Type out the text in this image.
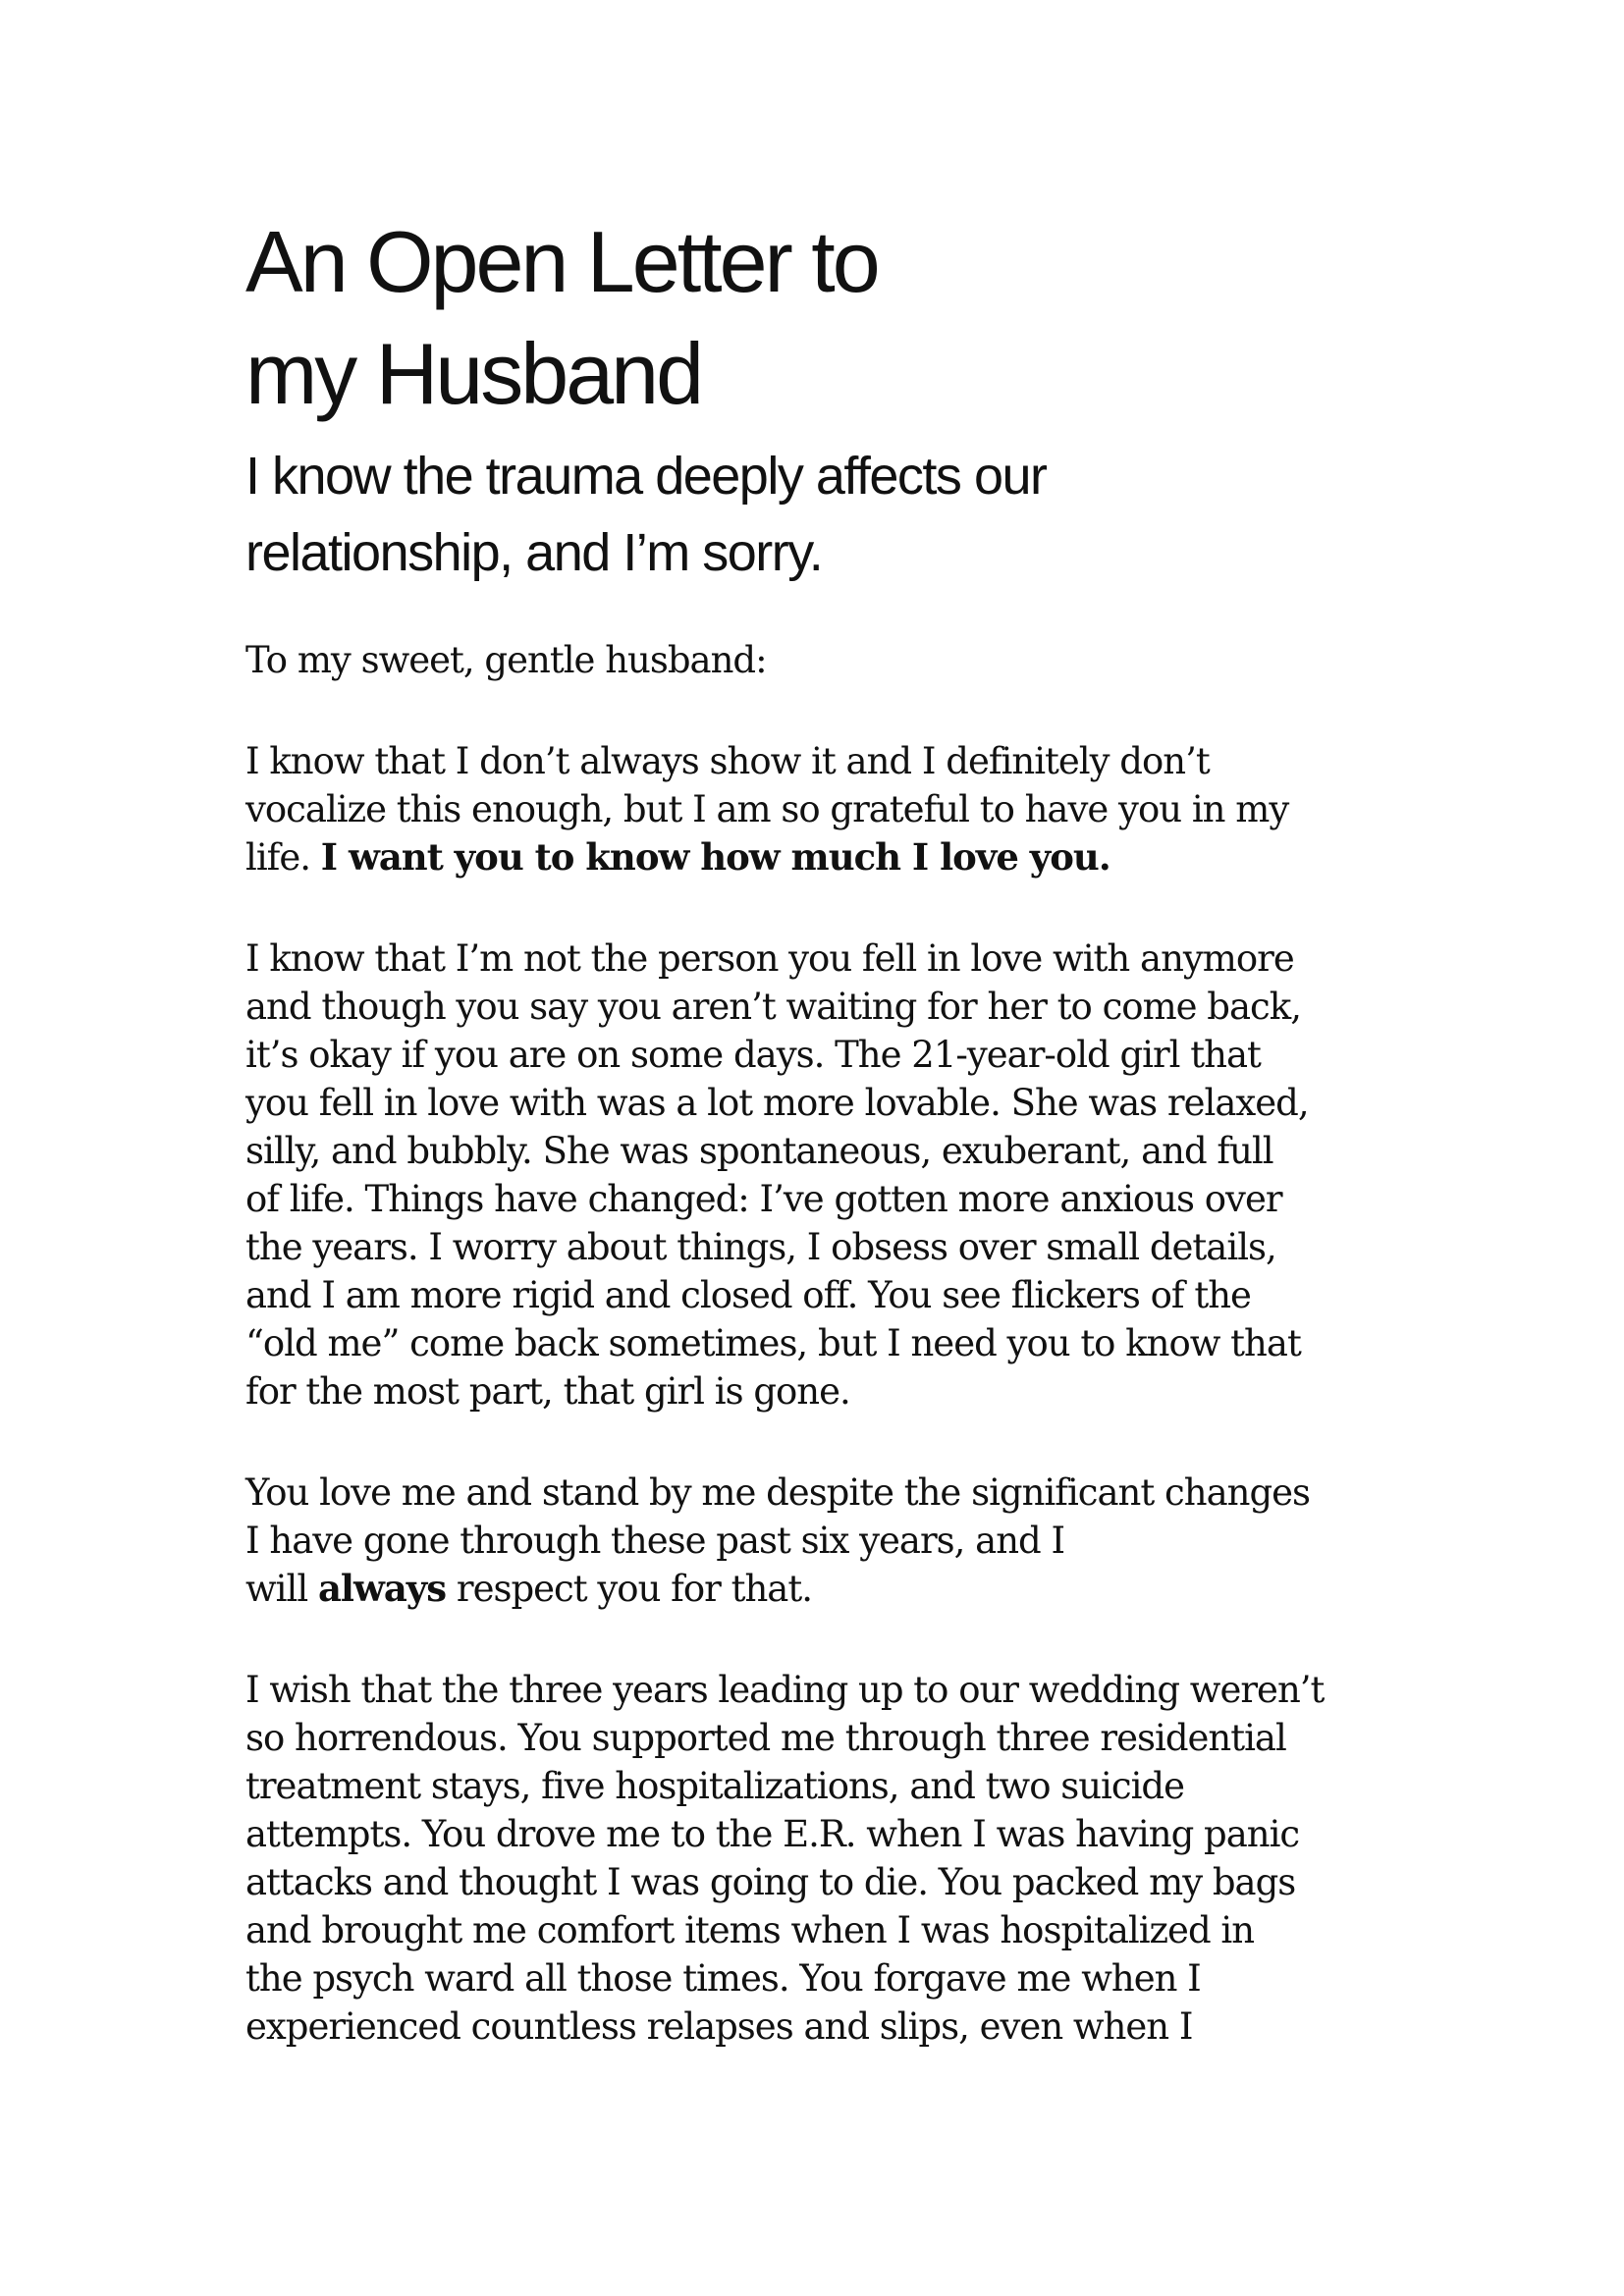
An Open Letter to
my Husband
I know the trauma deeply affects our
relationship, and I’m sorry.

To my sweet, gentle husband:

I know that I don’t always show it and I definitely don’t
vocalize this enough, but I am so grateful to have you in my
life. I want you to know how much I love you.

I know that I’m not the person you fell in love with anymore
and though you say you aren’t waiting for her to come back,
it’s okay if you are on some days. The 21-year-old girl that
you fell in love with was a lot more lovable. She was relaxed,
silly, and bubbly. She was spontaneous, exuberant, and full
of life. Things have changed: I’ve gotten more anxious over
the years. I worry about things, I obsess over small details,
and I am more rigid and closed off. You see flickers of the
“old me” come back sometimes, but I need you to know that
for the most part, that girl is gone.

You love me and stand by me despite the significant changes
I have gone through these past six years, and I
will always respect you for that.

I wish that the three years leading up to our wedding weren’t
so horrendous. You supported me through three residential
treatment stays, five hospitalizations, and two suicide
attempts. You drove me to the E.R. when I was having panic
attacks and thought I was going to die. You packed my bags
and brought me comfort items when I was hospitalized in
the psych ward all those times. You forgave me when I
experienced countless relapses and slips, even when I
